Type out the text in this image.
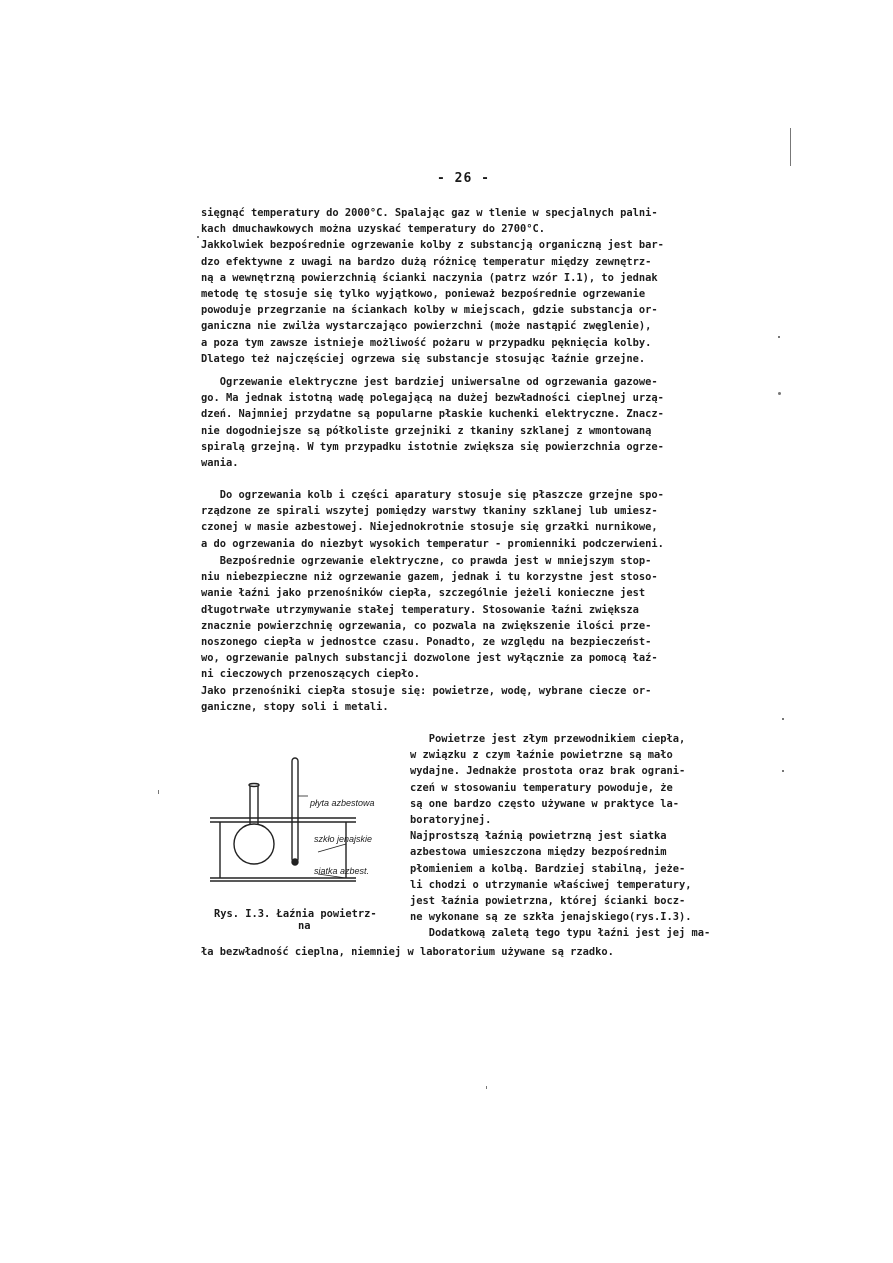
- 26 -
sięgnąć temperatury do 2000°C. Spalając gaz w tlenie w specjalnych palni-
kach dmuchawkowych można uzyskać temperatury do 2700°C.
Jakkolwiek bezpośrednie ogrzewanie kolby z substancją organiczną jest bar-
dzo efektywne z uwagi na bardzo dużą różnicę temperatur między zewnętrz-
ną a wewnętrzną powierzchnią ścianki naczynia (patrz wzór I.1), to jednak
metodę tę stosuje się tylko wyjątkowo, ponieważ bezpośrednie ogrzewanie
powoduje przegrzanie na ściankach kolby w miejscach, gdzie substancja or-
ganiczna nie zwilża wystarczająco powierzchni (może nastąpić zwęglenie),
a poza tym zawsze istnieje możliwość pożaru w przypadku pęknięcia kolby.
Dlatego też najczęściej ogrzewa się substancje stosując łaźnie grzejne.
Ogrzewanie elektryczne jest bardziej uniwersalne od ogrzewania gazowe-
go. Ma jednak istotną wadę polegającą na dużej bezwładności cieplnej urzą-
dzeń. Najmniej przydatne są popularne płaskie kuchenki elektryczne. Znacz-
nie dogodniejsze są półkoliste grzejniki z tkaniny szklanej z wmontowaną
spiralą grzejną. W tym przypadku istotnie zwiększa się powierzchnia ogrze-
wania.
Do ogrzewania kolb i części aparatury stosuje się płaszcze grzejne spo-
rządzone ze spirali wszytej pomiędzy warstwy tkaniny szklanej lub umiesz-
czonej w masie azbestowej. Niejednokrotnie stosuje się grzałki nurnikowe,
a do ogrzewania do niezbyt wysokich temperatur - promienniki podczerwieni.
Bezpośrednie ogrzewanie elektryczne, co prawda jest w mniejszym stop-
niu niebezpieczne niż ogrzewanie gazem, jednak i tu korzystne jest stoso-
wanie łaźni jako przenośników ciepła, szczególnie jeżeli konieczne jest
długotrwałe utrzymywanie stałej temperatury. Stosowanie łaźni zwiększa
znacznie powierzchnię ogrzewania, co pozwala na zwiększenie ilości prze-
noszonego ciepła w jednostce czasu. Ponadto, ze względu na bezpieczeńst-
wo, ogrzewanie palnych substancji dozwolone jest wyłącznie za pomocą łaź-
ni cieczowych przenoszących ciepło.
Jako przenośniki ciepła stosuje się: powietrze, wodę, wybrane ciecze or-
ganiczne, stopy soli i metali.
Powietrze jest złym przewodnikiem ciepła,
w związku z czym łaźnie powietrzne są mało
wydajne. Jednakże prostota oraz brak ograni-
czeń w stosowaniu temperatury powoduje, że
są one bardzo często używane w praktyce la-
boratoryjnej.
Najprostszą łaźnią powietrzną jest siatka
azbestowa umieszczona między bezpośrednim
płomieniem a kolbą. Bardziej stabilną, jeże-
li chodzi o utrzymanie właściwej temperatury,
jest łaźnia powietrzna, której ścianki bocz-
ne wykonane są ze szkła jenajskiego(rys.I.3).
Dodatkową zaletą tego typu łaźni jest jej ma-
ła bezwładność cieplna, niemniej w laboratorium używane są rzadko.
płyta azbestowa
szkło jenajskie
siatka azbest.
Rys. I.3. Łaźnia powietrz-
na
